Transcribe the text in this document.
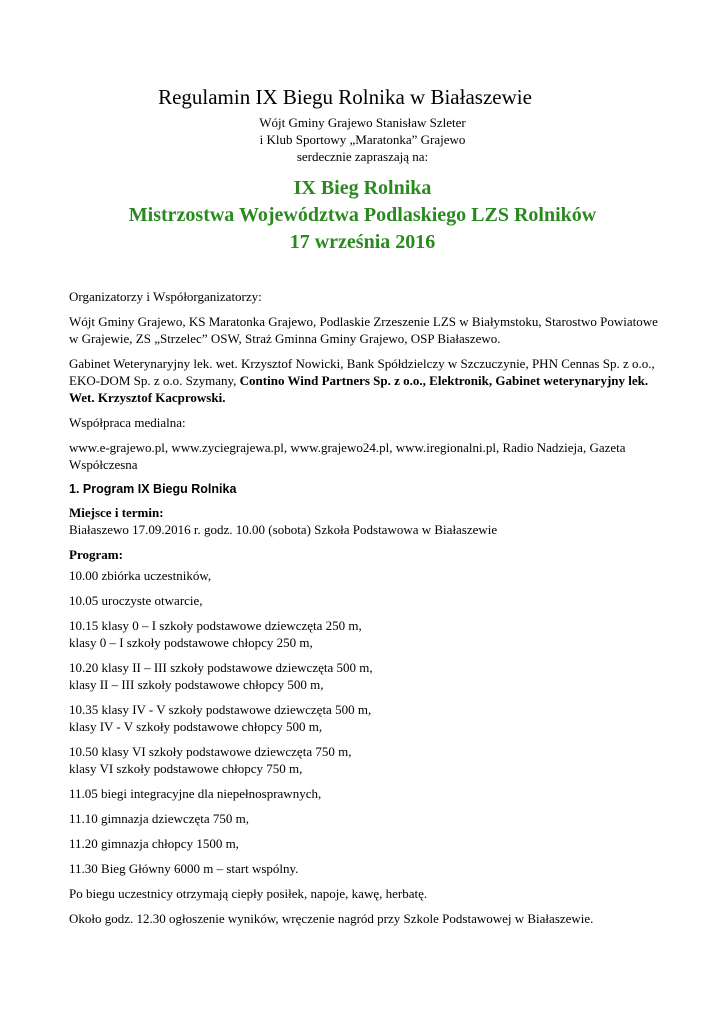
Regulamin IX Biegu Rolnika w Białaszewie
Wójt Gminy Grajewo Stanisław Szleter
i Klub Sportowy „Maratonka” Grajewo
serdecznie zapraszają na:
IX Bieg Rolnika
Mistrzostwa Województwa Podlaskiego LZS Rolników
17 września 2016

Organizatorzy i Współorganizatorzy:

Wójt Gminy Grajewo, KS Maratonka Grajewo, Podlaskie Zrzeszenie LZS w Białymstoku, Starostwo Powiatowe w Grajewie, ZS „Strzelec” OSW, Straż Gminna Gminy Grajewo, OSP Białaszewo.

Gabinet Weterynaryjny lek. wet. Krzysztof Nowicki, Bank Spółdzielczy w Szczuczynie, PHN Cennas Sp. z o.o., EKO-DOM Sp. z o.o. Szymany, Contino Wind Partners Sp. z o.o., Elektronik, Gabinet weterynaryjny lek. Wet. Krzysztof Kacprowski.

Współpraca medialna:

www.e-grajewo.pl, www.zyciegrajewa.pl, www.grajewo24.pl, www.iregionalni.pl, Radio Nadzieja, Gazeta Współczesna

1. Program IX Biegu Rolnika

Miejsce i termin:
Białaszewo 17.09.2016 r. godz. 10.00 (sobota) Szkoła Podstawowa w Białaszewie

Program:

10.00 zbiórka uczestników,

10.05 uroczyste otwarcie,

10.15 klasy 0 – I szkoły podstawowe dziewczęta 250 m,
klasy 0 – I szkoły podstawowe chłopcy 250 m,

10.20 klasy II – III szkoły podstawowe dziewczęta 500 m,
klasy II – III szkoły podstawowe chłopcy 500 m,

10.35 klasy IV - V szkoły podstawowe dziewczęta 500 m,
klasy IV - V szkoły podstawowe chłopcy 500 m,

10.50 klasy VI szkoły podstawowe dziewczęta 750 m,
klasy VI szkoły podstawowe chłopcy 750 m,

11.05 biegi integracyjne dla niepełnosprawnych,

11.10 gimnazja dziewczęta 750 m,

11.20 gimnazja chłopcy 1500 m,

11.30 Bieg Główny 6000 m – start wspólny.

Po biegu uczestnicy otrzymają ciepły posiłek, napoje, kawę, herbatę.

Około godz. 12.30 ogłoszenie wyników, wręczenie nagród przy Szkole Podstawowej w Białaszewie.
